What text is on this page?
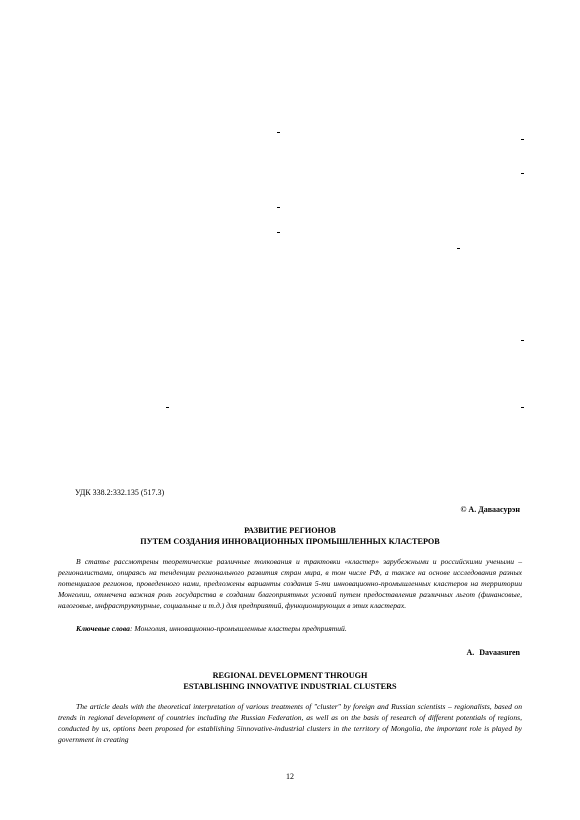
УДК 338.2:332.135 (517.3)
© А. Даваасурэн
РАЗВИТИЕ РЕГИОНОВ
ПУТЕМ СОЗДАНИЯ ИННОВАЦИОННЫХ ПРОМЫШЛЕННЫХ КЛАСТЕРОВ
В статье рассмотрены теоретические различные толкования и трактовки «кластер» зарубежными и российскими учеными – регионалистами, опираясь на тенденции регионального развития стран мира, в том числе РФ, а также на основе исследования разных потенциалов регионов, проведенного нами, предложены варианты создания 5-ти инновационно-промышленных кластеров на территории Монголии, отмечена важная роль государства в создании благоприятных условий путем предоставления различных льгот (финансовые, налоговые, инфраструктурные, социальные и т.д.) для предприятий, функционирующих в этих кластерах.
Ключевые слова: Монголия, инновационно-промышленные кластеры предприятий.
A. Davaasuren
REGIONAL DEVELOPMENT THROUGH
ESTABLISHING INNOVATIVE INDUSTRIAL CLUSTERS
The article deals with the theoretical interpretation of various treatments of "cluster" by foreign and Russian scientists – regionalists, based on trends in regional development of countries including the Russian Federation, as well as on the basis of research of different potentials of regions, conducted by us, options been proposed for establishing 5innovative-industrial clusters in the territory of Mongolia, the important role is played by government in creating
12
